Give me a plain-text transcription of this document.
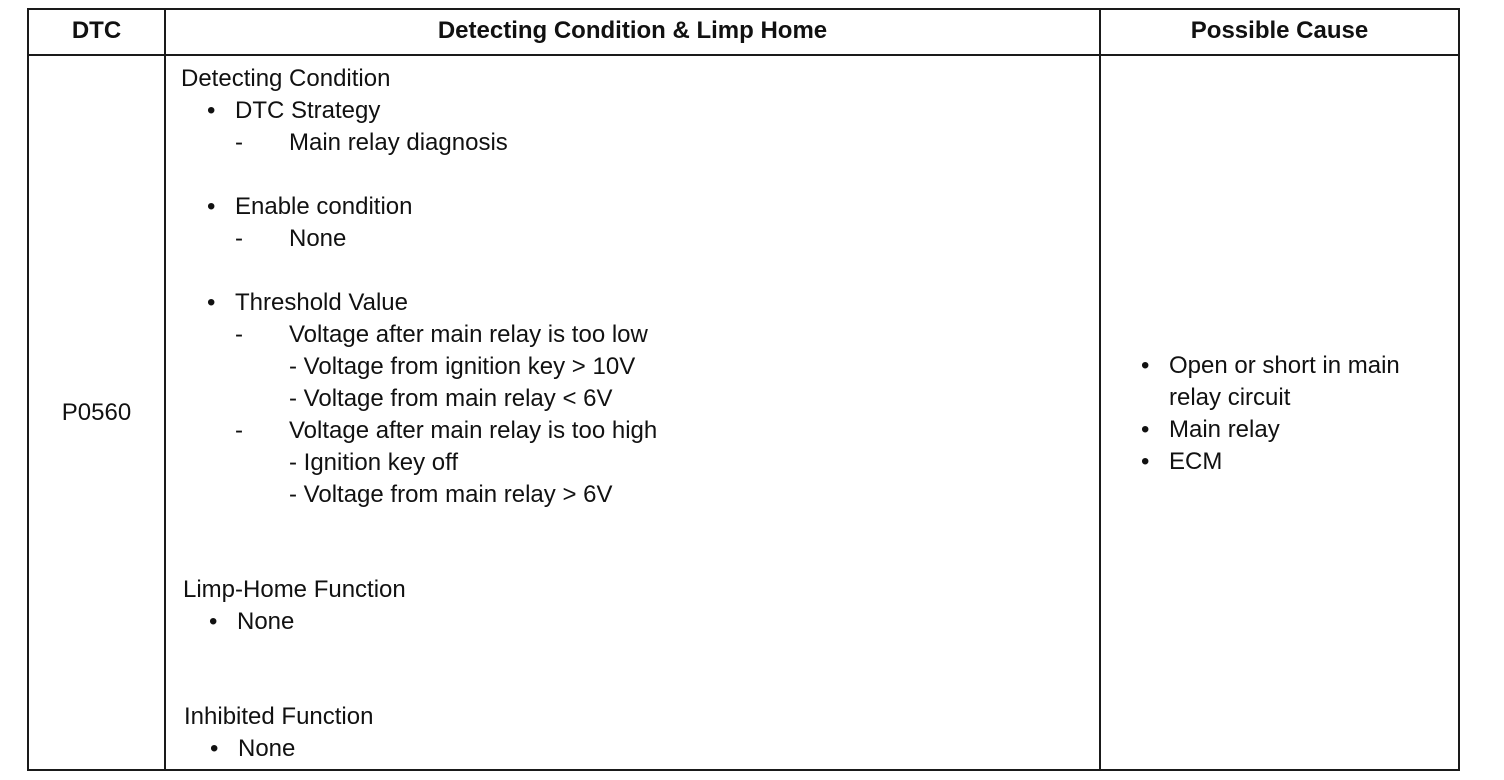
DTC	Detecting Condition & Limp Home	Possible Cause
P0560
Detecting Condition
• DTC Strategy
- Main relay diagnosis
• Enable condition
- None
• Threshold Value
- Voltage after main relay is too low
- Voltage from ignition key > 10V
- Voltage from main relay < 6V
- Voltage after main relay is too high
- Ignition key off
- Voltage from main relay > 6V
Limp-Home Function
• None
Inhibited Function
• None
• Open or short in main
relay circuit
• Main relay
• ECM
